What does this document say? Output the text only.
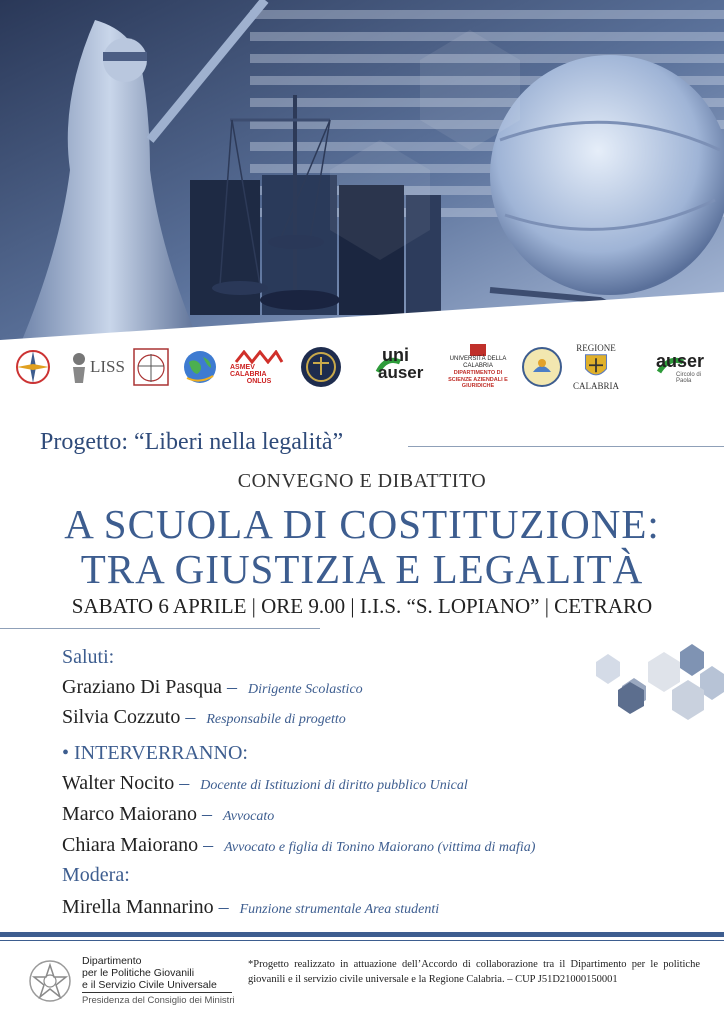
LISS	ASMEV CALABRIA
ONLUS
uni
auser
UNIVERSITÀ DELLA CALABRIA
DIPARTIMENTO DI SCIENZE AZIENDALI E GIURIDICHE
REGIONE
CALABRIA
auser
Circolo di Paola
Progetto: “Liberi nella legalità”
CONVEGNO E DIBATTITO
A SCUOLA DI COSTITUZIONE:
TRA GIUSTIZIA E LEGALITÀ
SABATO 6 APRILE | ORE 9.00 | I.I.S. “S. LOPIANO” | CETRARO
Saluti:
Graziano Di Pasqua – Dirigente Scolastico
Silvia Cozzuto – Responsabile di progetto
• INTERVERRANNO:
Walter Nocito – Docente di Istituzioni di diritto pubblico Unical
Marco Maiorano – Avvocato
Chiara Maiorano – Avvocato e figlia di Tonino Maiorano (vittima di mafia)
Modera:
Mirella Mannarino – Funzione strumentale Area studenti
Dipartimento
per le Politiche Giovanili
e il Servizio Civile Universale
Presidenza del Consiglio dei Ministri
*Progetto realizzato in attuazione dell’Accordo di collaborazione tra il Dipartimento per le politiche giovanili e il servizio civile universale e la Regione Calabria. – CUP J51D21000150001
